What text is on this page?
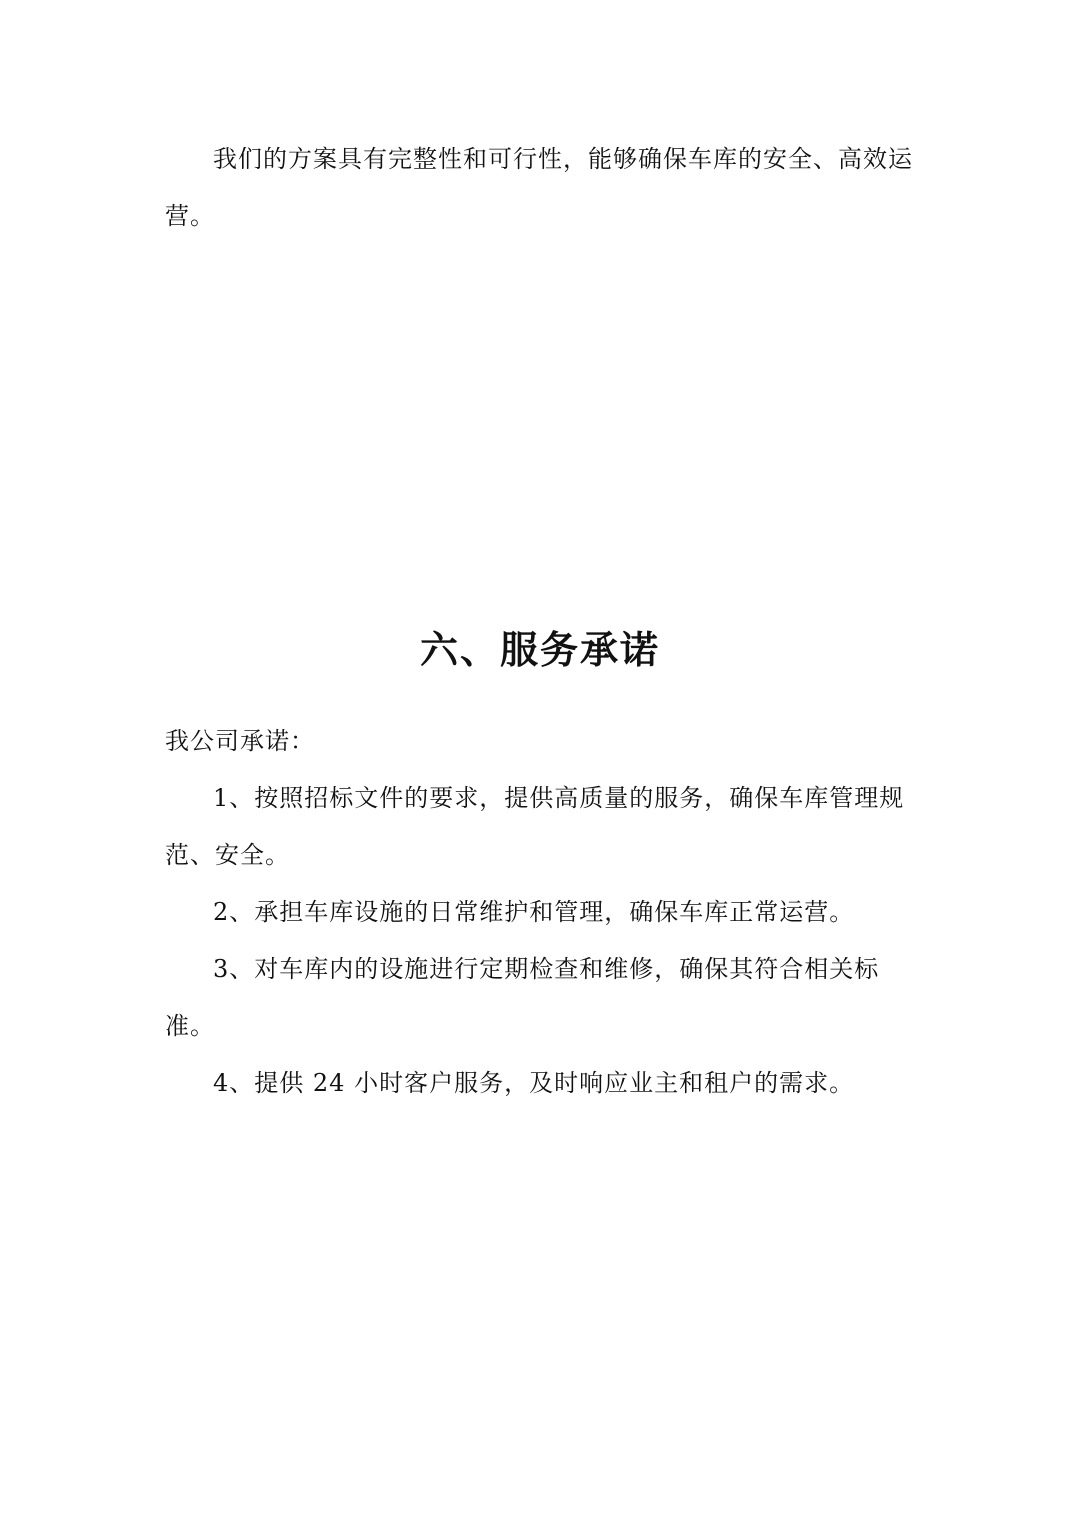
我们的方案具有完整性和可行性，能够确保车库的安全、高效运营。

六、服务承诺

我公司承诺：

1、按照招标文件的要求，提供高质量的服务，确保车库管理规范、安全。

2、承担车库设施的日常维护和管理，确保车库正常运营。

3、对车库内的设施进行定期检查和维修，确保其符合相关标准。

4、提供 24 小时客户服务，及时响应业主和租户的需求。
